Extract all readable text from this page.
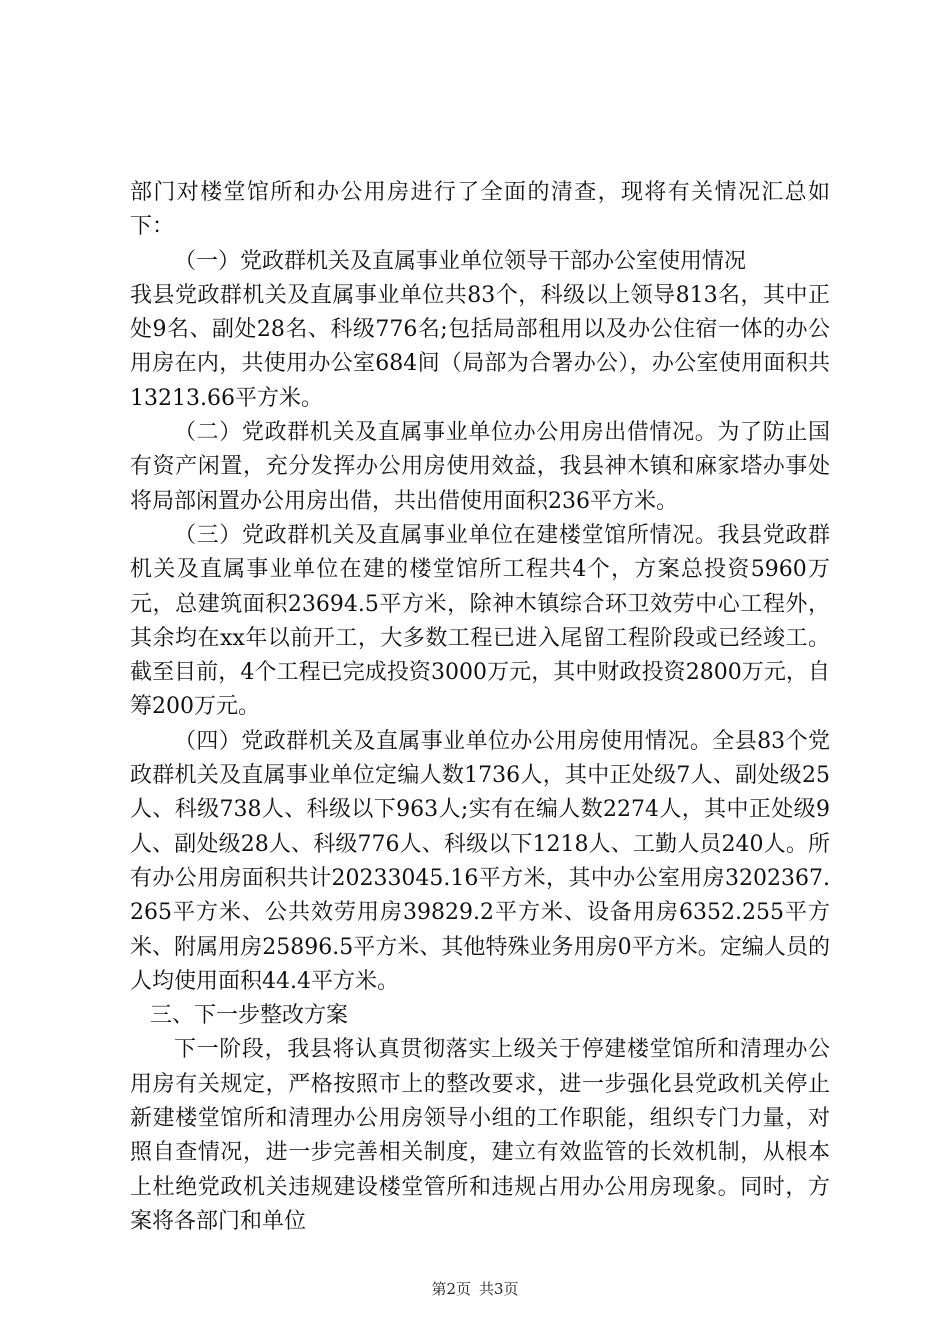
部门对楼堂馆所和办公用房进行了全面的清查，现将有关情况汇总如下：

（一）党政群机关及直属事业单位领导干部办公室使用情况

我县党政群机关及直属事业单位共83个，科级以上领导813名，其中正处9名、副处28名、科级776名;包括局部租用以及办公住宿一体的办公用房在内，共使用办公室684间（局部为合署办公），办公室使用面积共13213.66平方米。

（二）党政群机关及直属事业单位办公用房出借情况。为了防止国有资产闲置，充分发挥办公用房使用效益，我县神木镇和麻家塔办事处将局部闲置办公用房出借，共出借使用面积236平方米。

（三）党政群机关及直属事业单位在建楼堂馆所情况。我县党政群机关及直属事业单位在建的楼堂馆所工程共4个，方案总投资5960万元，总建筑面积23694.5平方米，除神木镇综合环卫效劳中心工程外，其余均在xx年以前开工，大多数工程已进入尾留工程阶段或已经竣工。截至目前，4个工程已完成投资3000万元，其中财政投资2800万元，自筹200万元。

（四）党政群机关及直属事业单位办公用房使用情况。全县83个党政群机关及直属事业单位定编人数1736人，其中正处级7人、副处级25人、科级738人、科级以下963人;实有在编人数2274人，其中正处级9人、副处级28人、科级776人、科级以下1218人、工勤人员240人。所有办公用房面积共计20233045.16平方米，其中办公室用房3202367.265平方米、公共效劳用房39829.2平方米、设备用房6352.255平方米、附属用房25896.5平方米、其他特殊业务用房0平方米。定编人员的人均使用面积44.4平方米。

三、下一步整改方案

下一阶段，我县将认真贯彻落实上级关于停建楼堂馆所和清理办公用房有关规定，严格按照市上的整改要求，进一步强化县党政机关停止新建楼堂馆所和清理办公用房领导小组的工作职能，组织专门力量，对照自查情况，进一步完善相关制度，建立有效监管的长效机制，从根本上杜绝党政机关违规建设楼堂管所和违规占用办公用房现象。同时，方案将各部门和单位

第2页 共3页
